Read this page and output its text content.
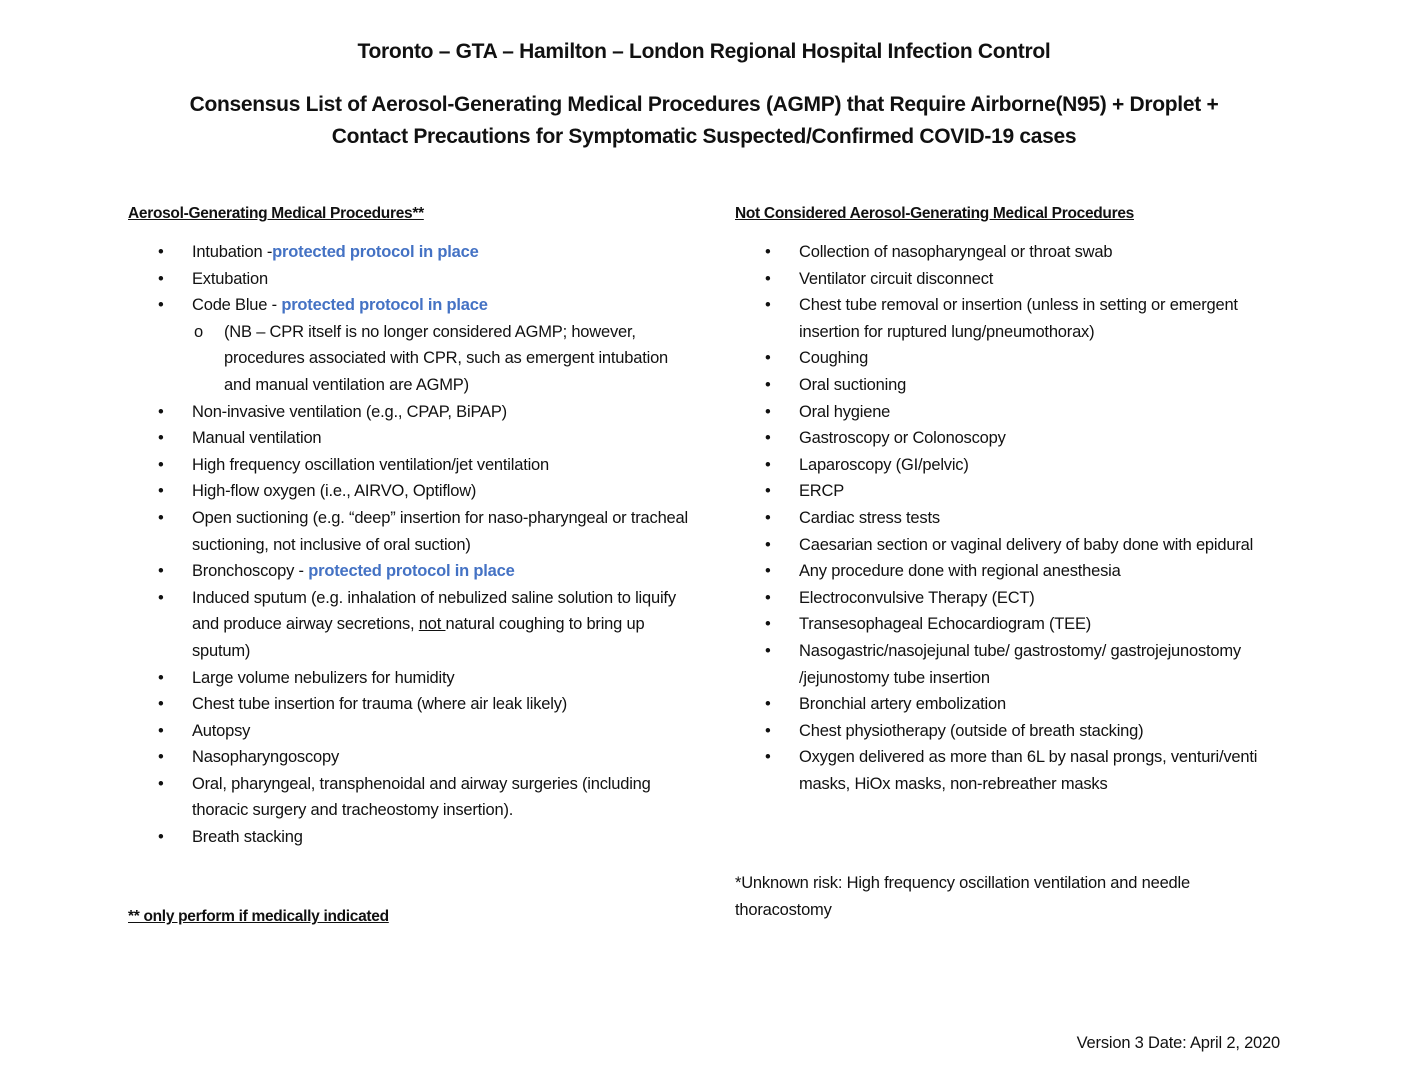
Toronto – GTA – Hamilton – London Regional Hospital Infection Control
Consensus List of Aerosol-Generating Medical Procedures (AGMP) that Require Airborne(N95) + Droplet +
Contact Precautions for Symptomatic Suspected/Confirmed COVID-19 cases
Aerosol-Generating Medical Procedures**
• Intubation -protected protocol in place
• Extubation
• Code Blue - protected protocol in place
o (NB – CPR itself is no longer considered AGMP; however, procedures associated with CPR, such as emergent intubation and manual ventilation are AGMP)
• Non-invasive ventilation (e.g., CPAP, BiPAP)
• Manual ventilation
• High frequency oscillation ventilation/jet ventilation
• High-flow oxygen (i.e., AIRVO, Optiflow)
• Open suctioning (e.g. “deep” insertion for naso-pharyngeal or tracheal suctioning, not inclusive of oral suction)
• Bronchoscopy - protected protocol in place
• Induced sputum (e.g. inhalation of nebulized saline solution to liquify and produce airway secretions, not natural coughing to bring up sputum)
• Large volume nebulizers for humidity
• Chest tube insertion for trauma (where air leak likely)
• Autopsy
• Nasopharyngoscopy
• Oral, pharyngeal, transphenoidal and airway surgeries (including thoracic surgery and tracheostomy insertion).
• Breath stacking
Not Considered Aerosol-Generating Medical Procedures
• Collection of nasopharyngeal or throat swab
• Ventilator circuit disconnect
• Chest tube removal or insertion (unless in setting or emergent insertion for ruptured lung/pneumothorax)
• Coughing
• Oral suctioning
• Oral hygiene
• Gastroscopy or Colonoscopy
• Laparoscopy (GI/pelvic)
• ERCP
• Cardiac stress tests
• Caesarian section or vaginal delivery of baby done with epidural
• Any procedure done with regional anesthesia
• Electroconvulsive Therapy (ECT)
• Transesophageal Echocardiogram (TEE)
• Nasogastric/nasojejunal tube/ gastrostomy/ gastrojejunostomy /jejunostomy tube insertion
• Bronchial artery embolization
• Chest physiotherapy (outside of breath stacking)
• Oxygen delivered as more than 6L by nasal prongs, venturi/venti masks, HiOx masks, non-rebreather masks
** only perform if medically indicated
*Unknown risk: High frequency oscillation ventilation and needle thoracostomy
Version 3 Date: April 2, 2020
